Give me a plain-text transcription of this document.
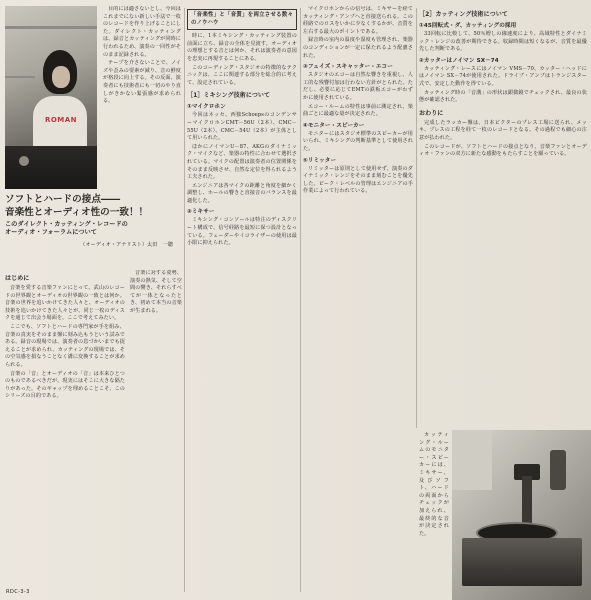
ROMAN

目的には適さないとし、今回はこれまでにない新しい手法で一枚のレコードを作り上げることにした。ダイレクト・カッティングは、録音とカッティングが同時に行われるため、演奏の一回性がそのまま記録される。

テープを介さないことで、ノイズや歪みの要素が減り、音の鮮度が格段に向上する。その反面、演奏者にも技術者にも一切のやり直しがきかない緊張感が求められる。

ソフトとハードの接点――
音楽性とオーディオ性の一致！！
このダイレクト・カッティング・レコードの
オーディオ・フォーラムについて
（オーディオ・アナリスト）太田　一聰
はじめに

音楽を愛する音楽ファンにとって、武山のレコードの世界観とオーディオの世界観の一致とは何か。音楽の世界を追いかけてきた人々と、オーディオの技術を追いかけてきた人々とが、同じ一枚のディスクを通じて出会う場面を、ここで考えてみたい。

ここでも、ソフトとハードの専門家が手を組み、音楽の真実をそのまま盤に刻み込もうという試みである。録音の現場では、演奏者の息づかいまでも捉えることが求められ、カッティングの現場では、その空気感を損なうことなく溝に変換することが求められる。

音楽の「音」とオーディオの「音」は本来ひとつのものであるべきだが、現実にはそこに大きな隔たりがあった。そのギャップを埋めることこそ、このシリーズの目的である。

音楽に対する姿勢、演奏の熱気、そして空間の響き、それらすべてが一体となったとき、初めて本当の音楽が生まれる。

「音楽性」と「音質」を両立させる数々のノウハウ

時に、1本ミキシング・カッティング装置の前面に立ち、録音の全体を見渡す。オーディオの理想とする音とは何か、それは演奏者の意図を忠実に再現することにある。

このコーディング・スタジオの特徴的なテクニックは、ここに関連する部分を総合的に考えて、設定されている。

［1］ミキシング技術について
①マイクロホン

今回はネッセ、西独SchoepsのコンデンサーマイクロホンCMT－56U（2本）、CMC－55U（2本）、CMC－54U（2本）が主体として用いられた。

ほかにノイマンU－87、AKGのダイナミック・マイクなど、楽器の特性に合わせて選択されている。マイクの配置は演奏者の位置関係をそのまま反映させ、自然な定位を得られるよう工夫された。

エンジニアは各マイクの距離と角度を細かく調整し、ホールの響きと直接音のバランスを最適化した。

②ミキサー

ミキシング・コンソールは特注のディスクリート構成で、信号経路を最短に保つ設計となっている。フェーダーやイコライザーの使用は最小限に抑えられた。

マイクロホンからの信号は、ミキサーを経てカッティング・アンプへと直接送られる。この経路でのロスをいかに少なくするかが、音質を左右する最大のポイントである。

録音時の室内の温度や湿度も管理され、楽器のコンディションが一定に保たれるよう配慮された。

③フェイズ・スキャッター・エコー

スタジオのエコーは自然な響きを重視し、人工的な残響付加は行わない方針がとられた。ただし、必要に応じてEMTの鉄板エコーがわずかに使用されている。

エコー・ルームの特性は事前に測定され、楽曲ごとに最適な量が決定された。

④モニター・スピーカー

モニターにはスタジオ標準のスピーカーが用いられ、ミキシングの判断基準として使用された。

⑤リミッター

リミッターは原則として使用せず、演奏のダイナミック・レンジをそのまま刻むことを優先した。ピーク・レベルの管理はエンジニアの手作業によって行われている。

［2］カッティング技術について
①45回転式・ダ、カッティングの採用

33回転に比較して、50％増しの線速度により、高域特性とダイナミック・レンジの改善が期待できる。収録時間は短くなるが、音質を最優先した判断である。

②カッターはノイマン SX－74

カッティング・レースにはノイマン VMS－70、カッター・ヘッドにはノイマン SX－74が使用された。ドライブ・アンプはトランジスター式で、安定した動作を得ている。

カッティング時の「音溝」の形状は顕微鏡でチェックされ、最良の状態が確認された。

おわりに

完成したラッカー盤は、日本ビクターのプレス工場に送られ、メッキ、プレスの工程を経て一枚のレコードとなる。その過程でも細心の注意が払われた。

このレコードが、ソフトとハードの接点となり、音楽ファンとオーディオ・ファンの双方に新たな感動をもたらすことを願っている。

カッティング・ルームのモニター・スピーカーには、ミキサー、及びソフト、ハードの両面からチェックが加えられ、最終的な音が決定された。

RDC-3-3
